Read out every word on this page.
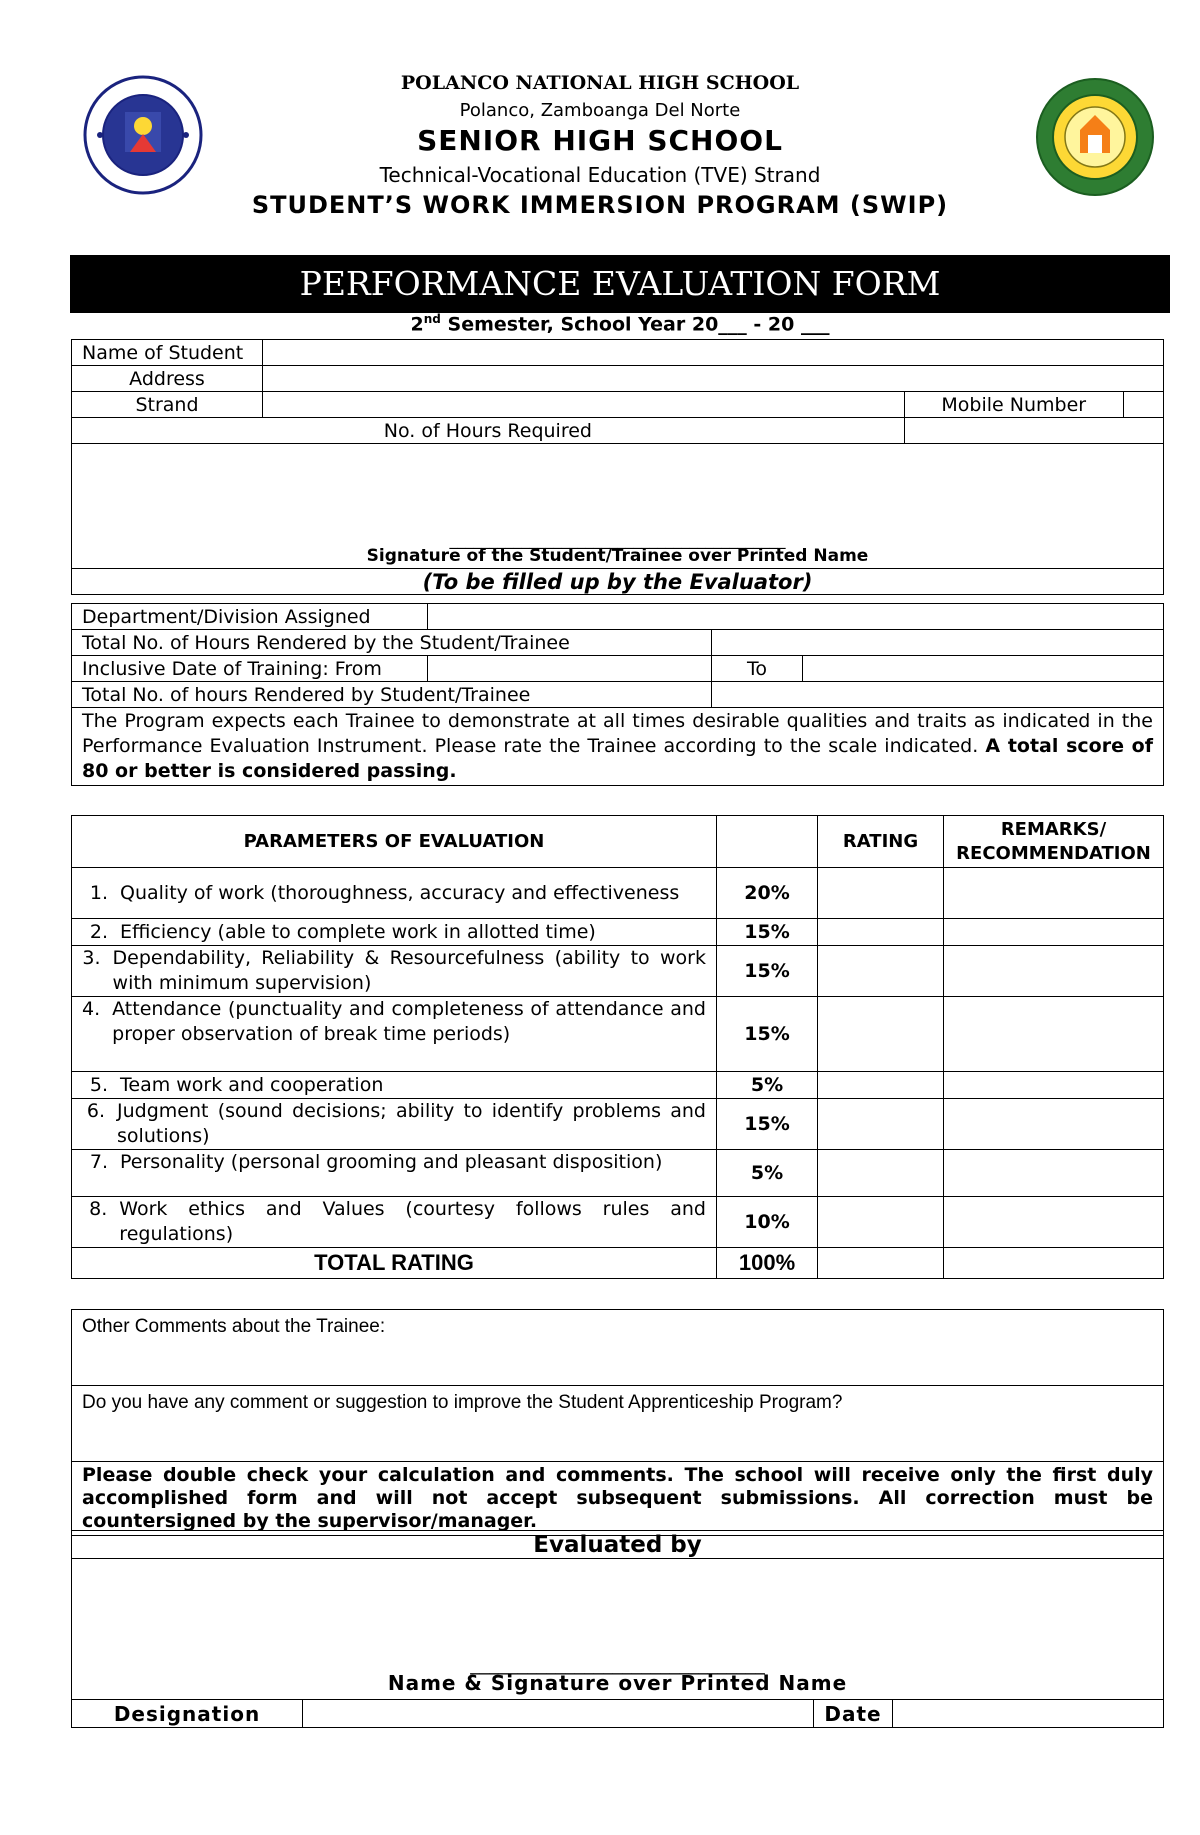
POLANCO NATIONAL HIGH SCHOOL
Polanco, Zamboanga Del Norte
SENIOR HIGH SCHOOL
Technical-Vocational Education (TVE) Strand
STUDENT’S WORK IMMERSION PROGRAM (SWIP)
PERFORMANCE EVALUATION FORM
2nd Semester, School Year 20___ - 20 ___
Name of Student			
Address			
Strand		Mobile Number	
No. of Hours Required			

__________________________________________
Signature of the Student/Trainee over Printed Name			

(To be filled up by the Evaluator)			
Department/Division Assigned			
Total No. of Hours Rendered by the Student/Trainee			
Inclusive Date of Training: From		To	
Total No. of hours Rendered by Student/Trainee			
The Program expects each Trainee to demonstrate at all times desirable qualities and traits as indicated in the Performance Evaluation Instrument. Please rate the Trainee according to the scale indicated. A total score of 80 or better is considered passing.			
PARAMETERS OF EVALUATION		RATING	REMARKS/ RECOMMENDATION

1. Quality of work (thoroughness, accuracy and effectiveness	20%		

2. Efficiency (able to complete work in allotted time)	15%		

3. Dependability, Reliability & Resourcefulness (ability to work with minimum supervision)	15%		

4. Attendance (punctuality and completeness of attendance and proper observation of break time periods)	15%		

5. Team work and cooperation	5%		

6. Judgment (sound decisions; ability to identify problems and solutions)	15%		

7. Personality (personal grooming and pleasant disposition)	5%		

8. Work ethics and Values (courtesy follows rules and regulations)	10%		
TOTAL RATING	100%		
Other Comments about the Trainee:
Do you have any comment or suggestion to improve the Student Apprenticeship Program?
Please double check your calculation and comments. The school will receive only the first duly accomplished form and will not accept subsequent submissions. All correction must be countersigned by the supervisor/manager.
Evaluated by

_______________________________
Name & Signature over Printed Name

Designation		Date	
